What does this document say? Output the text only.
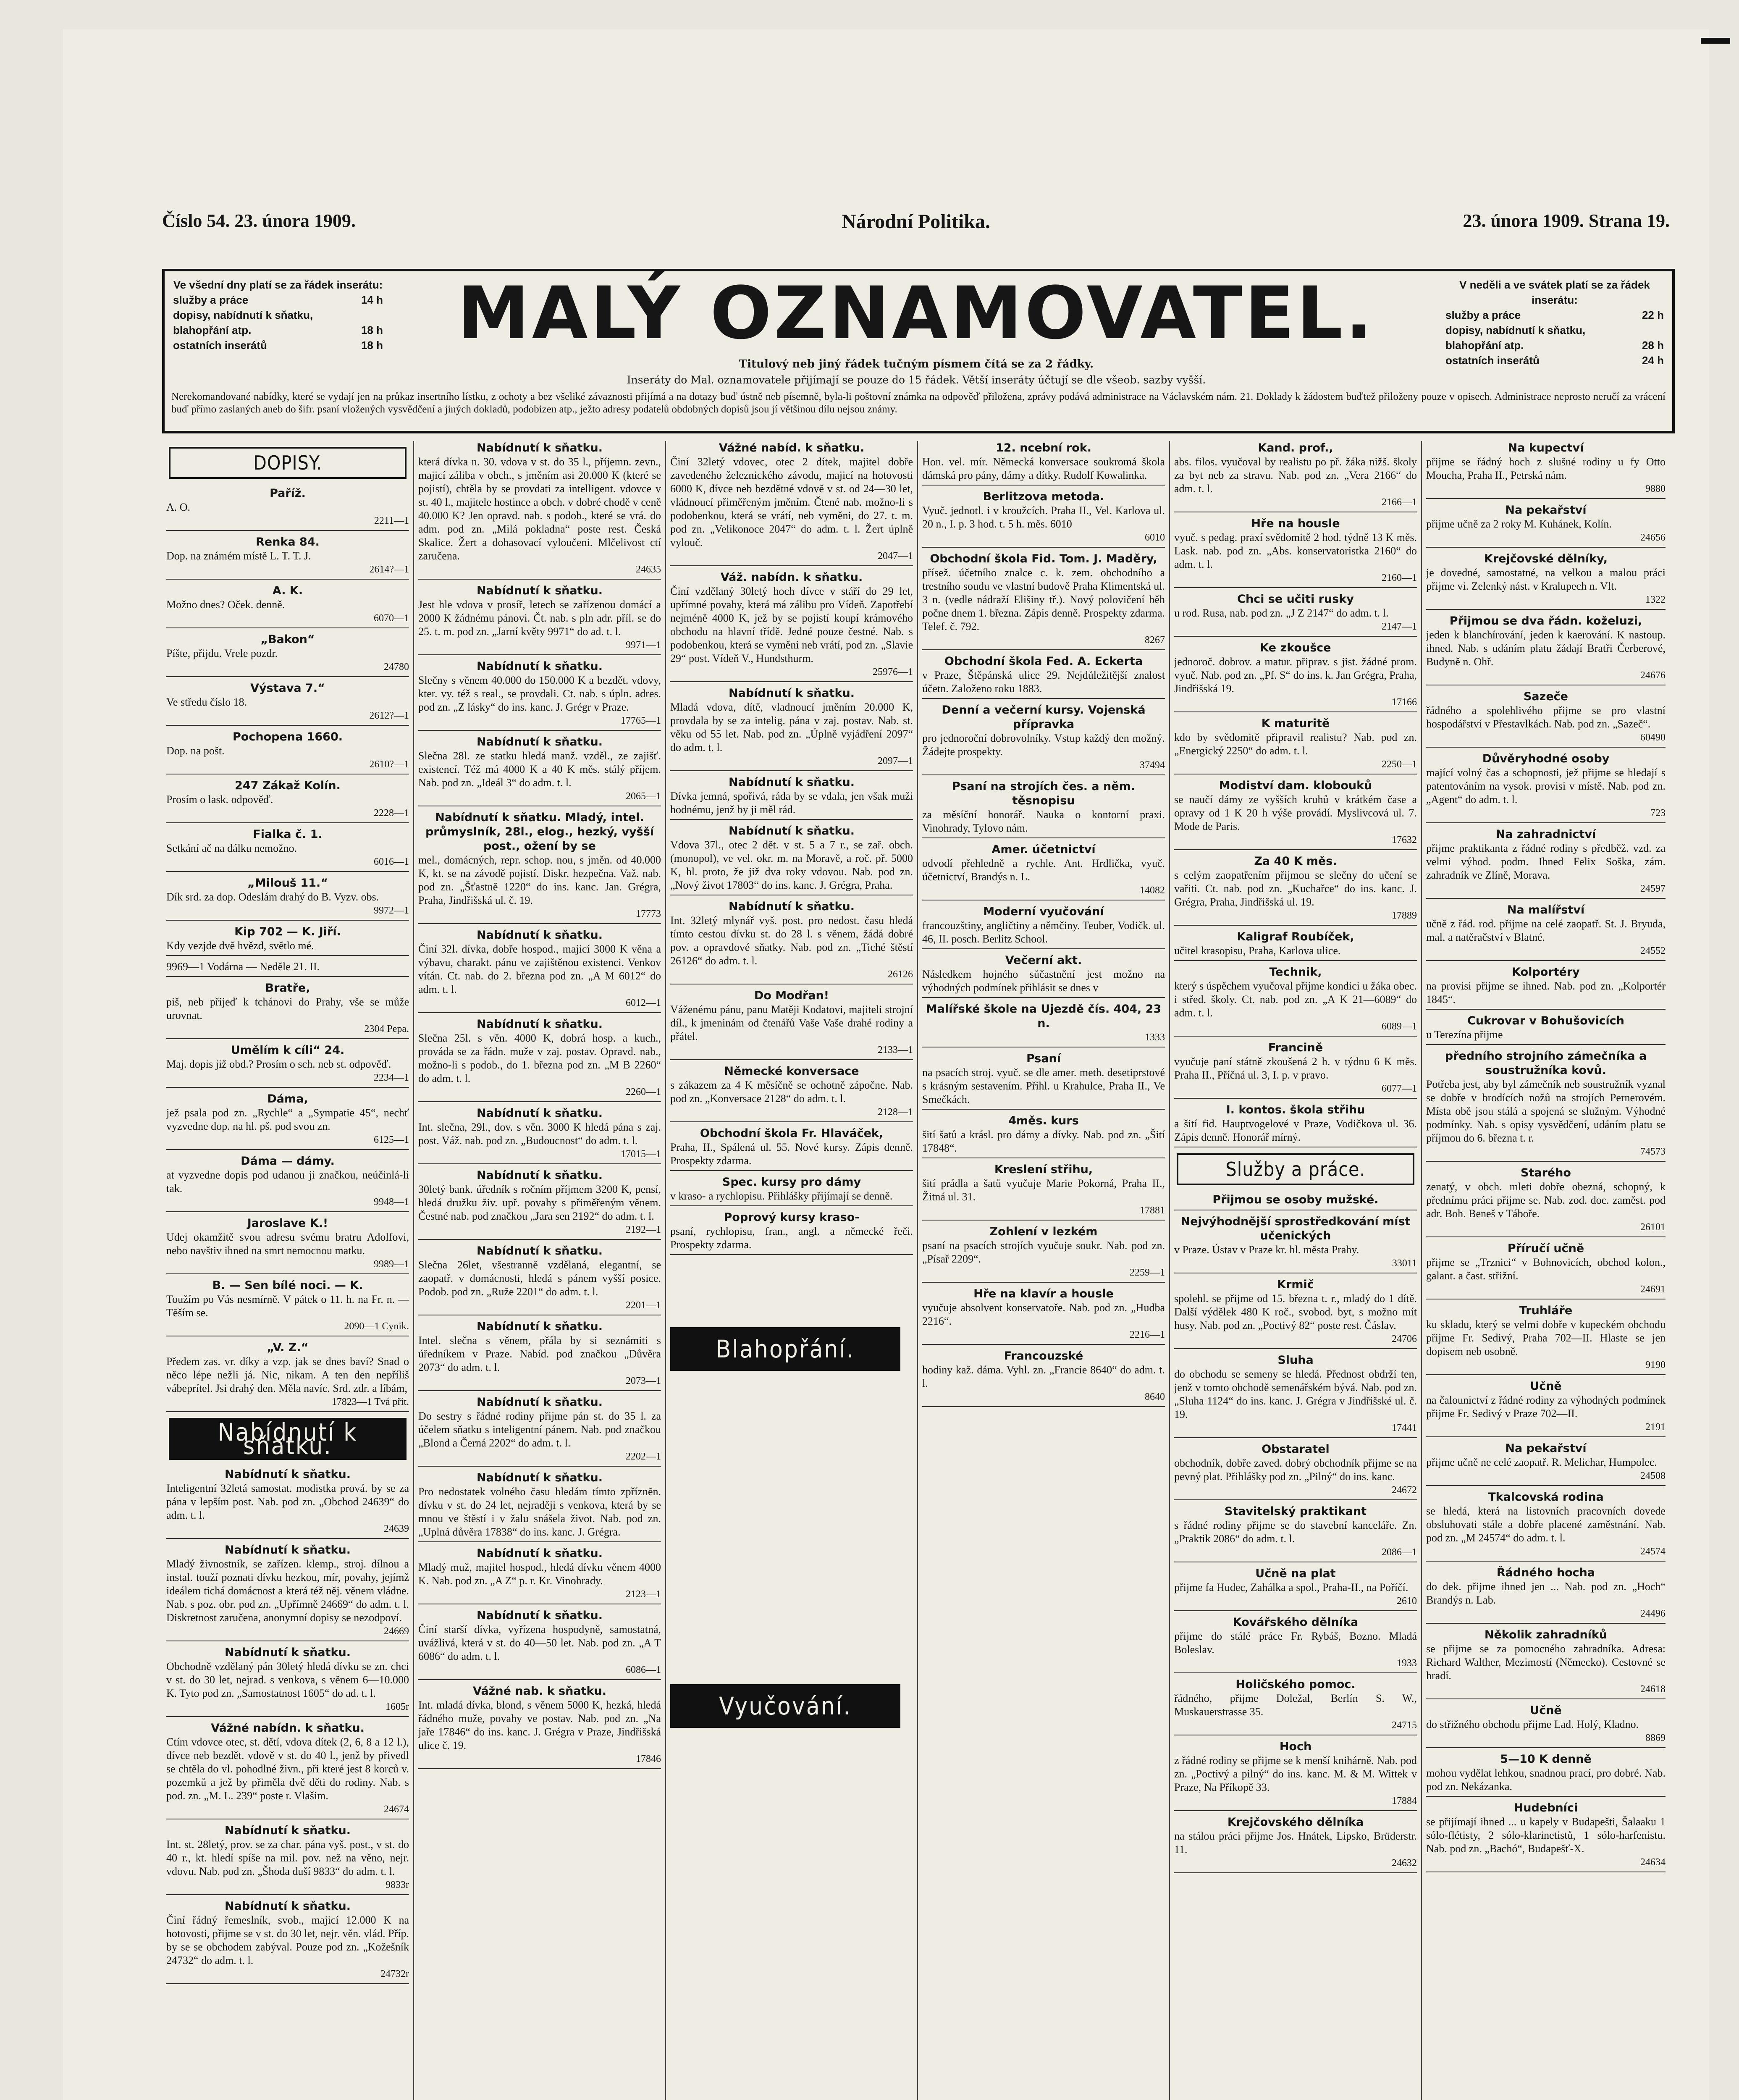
Číslo 54. 23. února 1909.	Národní Politika.	23. února 1909. Strana 19.
Ve všední dny platí se za řádek inserátu:
služby a práce	14 h
dopisy, nabídnutí k sňatku,
blahopřání atp.	18 h
ostatních inserátů	18 h	MALÝ OZNAMOVATEL.
Titulový neb jiný řádek tučným písmem čítá se za 2 řádky.
Inseráty do Mal. oznamovatele přijímají se pouze do 15 řádek. Větší inseráty účtují se dle všeob. sazby vyšší.
V neděli a ve svátek platí se za řádek inserátu:
služby a práce	22 h
dopisy, nabídnutí k sňatku,
blahopřání atp.	28 h
ostatních inserátů	24 h
Nerekomandované nabídky, které se vydají jen na průkaz insertního lístku, z ochoty a bez všeliké závaznosti přijímá a na dotazy buď ústně neb písemně, byla-li poštovní známka na odpověď přiložena, zprávy podává administrace na Václavském nám. 21. Doklady k žádostem buďtež přiloženy pouze v opisech. Administrace neprosto neručí za vrácení buď přímo zaslaných aneb do šifr. psaní vložených vysvědčení a jiných dokladů, podobizen atp., ježto adresy podatelů obdobných dopisů jsou jí většinou dílu nejsou známy.
DOPISY.
Paříž.
A. O.
2211—1
Renka 84.
Dop. na známém místě L. T. T. J.
2614?—1
A. K.
Možno dnes? Oček. denně.
6070—1
„Bakon“
Píšte, přijdu. Vrele pozdr.
24780
Výstava 7.“
Ve středu číslo 18.
2612?—1
Pochopena 1660.
Dop. na pošt.
2610?—1
247 Zákaž Kolín.
Prosím o lask. odpověď.
2228—1
Fialka č. 1.
Setkání ač na dálku nemožno.
6016—1
„Milouš 11.“
Dík srd. za dop. Odeslám drahý do B. Vyzv. obs.
9972—1
Kip 702 — K. Jiří.
Kdy vezjde dvě hvězd, světlo mé.
9969—1 Vodárna — Neděle 21. II.
Bratře,
piš, neb přijeď k tchánovi do Prahy, vše se může urovnat.
2304 Pepa.
Umělím k cíli“ 24.
Maj. dopis již obd.? Prosím o sch. neb st. odpověď.
2234—1
Dáma,
jež psala pod zn. „Rychle“ a „Sympatie 45“, nechť vyzvedne dop. na hl. pš. pod svou zn.
6125—1
Dáma — dámy.
at vyzvedne dopis pod udanou ji značkou, neúčinlá-li tak.
9948—1
Jaroslave K.!
Udej okamžitě svou adresu svému bratru Adolfovi, nebo navštiv ihned na smrt nemocnou matku.
9989—1
B. — Sen bílé noci. — K.
Toužím po Vás nesmírně. V pátek o 11. h. na Fr. n. — Těším se.
2090—1 Cynik.
„V. Z.“
Předem zas. vr. díky a vzp. jak se dnes baví? Snad o něco lépe nežli já. Nic, nikam. A ten den nepříliš vábeprítel. Jsi drahý den. Měla navíc. Srd. zdr. a líbám,
17823—1 Tvá přít.
Nabídnutí k sňatku.
Nabídnutí k sňatku.
Inteligentní 32letá samostat. modistka prová. by se za pána v lepším post. Nab. pod zn. „Obchod 24639“ do adm. t. l.
24639
Nabídnutí k sňatku.
Mladý živnostník, se zařízen. klemp., stroj. dílnou a instal. touží poznati dívku hezkou, mír, povahy, jejímž ideálem tichá domácnost a která též něj. věnem vládne. Nab. s poz. obr. pod zn. „Upřímně 24669“ do adm. t. l. Diskretnost zaručena, anonymní dopisy se nezodpoví.
24669
Nabídnutí k sňatku.
Obchodně vzdělaný pán 30letý hledá dívku se zn. chci v st. do 30 let, nejrad. s venkova, s věnem 6—10.000 K. Tyto pod zn. „Samostatnost 1605“ do ad. t. l.
1605r
Vážné nabídn. k sňatku.
Ctím vdovce otec, st. dětí, vdova dítek (2, 6, 8 a 12 l.), dívce neb bezdět. vdově v st. do 40 l., jenž by přivedl se chtěla do vl. pohodlné živn., při které jest 8 korců v. pozemků a jež by přiměla dvě děti do rodiny. Nab. s pod. zn. „M. L. 239“ poste r. Vlašim.
24674
Nabídnutí k sňatku.
Int. st. 28letý, prov. se za char. pána vyš. post., v st. do 40 r., kt. hledí spíše na mil. pov. než na věno, nejr. vdovu. Nab. pod zn. „Šhoda duší 9833“ do adm. t. l.
9833r
Nabídnutí k sňatku.
Činí řádný řemeslník, svob., majicí 12.000 K na hotovosti, přijme se v st. do 30 let, nejr. věn. vlád. Příp. by se se obchodem zabýval. Pouze pod zn. „Kožešník 24732“ do adm. t. l.
24732r
Nabídnutí k sňatku.
která dívka n. 30. vdova v st. do 35 l., příjemn. zevn., majicí záliba v obch., s jměním asi 20.000 K (které se pojistí), chtěla by se provdati za intelligent. vdovce v st. 40 l., majitele hostince a obch. v dobré chodě v ceně 40.000 K? Jen opravd. nab. s podob., které se vrá. do adm. pod zn. „Milá pokladna“ poste rest. Česká Skalice. Žert a dohasovací vyloučeni. Mlčelivost ctí zaručena.
24635
Nabídnutí k sňatku.
Jest hle vdova v prosíř, letech se zařízenou domácí a 2000 K žádnému pánovi. Čt. nab. s pln adr. příl. se do 25. t. m. pod zn. „Jarní květy 9971“ do ad. t. l.
9971—1
Nabídnutí k sňatku.
Slečny s věnem 40.000 do 150.000 K a bezdět. vdovy, kter. vy. též s real., se provdali. Ct. nab. s úpln. adres. pod zn. „Z lásky“ do ins. kanc. J. Grégr v Praze.
17765—1
Nabídnutí k sňatku.
Slečna 28l. ze statku hledá manž. vzděl., ze zajišť. existencí. Též má 4000 K a 40 K měs. stálý příjem. Nab. pod zn. „Ideál 3“ do adm. t. l.
2065—1
Nabídnutí k sňatku. Mladý, intel. průmyslník, 28l., elog., hezký, vyšší post., ožení by se
mel., domácných, repr. schop. nou, s jměn. od 40.000 K, kt. se na závodě pojistí. Diskr. hezpečna. Važ. nab. pod zn. „Šťastně 1220“ do ins. kanc. Jan. Grégra, Praha, Jindřišská ul. č. 19.
17773
Nabídnutí k sňatku.
Činí 32l. dívka, dobře hospod., majicí 3000 K věna a výbavu, charakt. pánu ve zajištěnou existenci. Venkov vítán. Ct. nab. do 2. března pod zn. „A M 6012“ do adm. t. l.
6012—1
Nabídnutí k sňatku.
Slečna 25l. s věn. 4000 K, dobrá hosp. a kuch., prováda se za řádn. muže v zaj. postav. Opravd. nab., možno-li s podob., do 1. března pod zn. „M B 2260“ do adm. t. l.
2260—1
Nabídnutí k sňatku.
Int. slečna, 29l., dov. s věn. 3000 K hledá pána s zaj. post. Váž. nab. pod zn. „Budoucnost“ do adm. t. l.
17015—1
Nabídnutí k sňatku.
30letý bank. úředník s ročním příjmem 3200 K, pensí, hledá družku živ. upř. povahy s přiměřeným věnem. Čestné nab. pod značkou „Jara sen 2192“ do adm. t. l.
2192—1
Nabídnutí k sňatku.
Slečna 26let, všestranně vzdělaná, elegantní, se zaopatř. v domácnosti, hledá s pánem vyšší posice. Podob. pod zn. „Ruže 2201“ do adm. t. l.
2201—1
Nabídnutí k sňatku.
Intel. slečna s věnem, přála by si seznámiti s úředníkem v Praze. Nabíd. pod značkou „Důvěra 2073“ do adm. t. l.
2073—1
Nabídnutí k sňatku.
Do sestry s řádné rodiny přijme pán st. do 35 l. za účelem sňatku s inteligentní pánem. Nab. pod značkou „Blond a Černá 2202“ do adm. t. l.
2202—1
Nabídnutí k sňatku.
Pro nedostatek volného času hledám tímto zpřízněn. dívku v st. do 24 let, nejraději s venkova, která by se mnou ve štěstí i v žalu snášela život. Nab. pod zn. „Uplná důvěra 17838“ do ins. kanc. J. Grégra.
Nabídnutí k sňatku.
Mladý muž, majitel hospod., hledá dívku věnem 4000 K. Nab. pod zn. „A Z“ p. r. Kr. Vinohrady.
2123—1
Nabídnutí k sňatku.
Činí starší dívka, vyřízena hospodyně, samostatná, uvážlivá, která v st. do 40—50 let. Nab. pod zn. „A T 6086“ do adm. t. l.
6086—1
Vážné nab. k sňatku.
Int. mladá dívka, blond, s věnem 5000 K, hezká, hledá řádného muže, povahy ve postav. Nab. pod zn. „Na jaře 17846“ do ins. kanc. J. Grégra v Praze, Jindřišská ulice č. 19.
17846
Vážné nabíd. k sňatku.
Činí 32letý vdovec, otec 2 dítek, majitel dobře zavedeného železnického závodu, majicí na hotovosti 6000 K, dívce neb bezdětné vdově v st. od 24—30 let, vládnoucí přiměřeným jměním. Čtené nab. možno-li s podobenkou, která se vrátí, neb vyměni, do 27. t. m. pod zn. „Velikonoce 2047“ do adm. t. l. Žert úplně vylouč.
2047—1
Váž. nabídn. k sňatku.
Činí vzdělaný 30letý hoch dívce v stáří do 29 let, upřímné povahy, která má zálibu pro Vídeň. Zapotřebí nejméně 4000 K, jež by se pojistí koupí krámového obchodu na hlavní třídě. Jedné pouze čestné. Nab. s podobenkou, která se vyměni neb vrátí, pod zn. „Slavie 29“ post. Vídeň V., Hundsthurm.
25976—1
Nabídnutí k sňatku.
Mladá vdova, dítě, vladnoucí jměním 20.000 K, provdala by se za intelig. pána v zaj. postav. Nab. st. věku od 55 let. Nab. pod zn. „Úplně vyjádření 2097“ do adm. t. l.
2097—1
Nabídnutí k sňatku.
Dívka jemná, spořivá, ráda by se vdala, jen však muži hodnému, jenž by ji měl rád.
Nabídnutí k sňatku.
Vdova 37l., otec 2 dět. v st. 5 a 7 r., se zař. obch. (monopol), ve vel. okr. m. na Moravě, a roč. př. 5000 K, hl. proto, že již dva roky vdovou. Nab. pod zn. „Nový život 17803“ do ins. kanc. J. Grégra, Praha.
Nabídnutí k sňatku.
Int. 32letý mlynář vyš. post. pro nedost. času hledá tímto cestou dívku st. do 28 l. s věnem, žádá dobré pov. a opravdové sňatky. Nab. pod zn. „Tiché štěstí 26126“ do adm. t. l.
26126
Do Modřan!
Váženému pánu, panu Matěji Kodatovi, majiteli strojní díl., k jmeninám od čtenářů Vaše Vaše drahé rodiny a přátel.
2133—1
Německé konversace
s zákazem za 4 K měsíčně se ochotně zápočne. Nab. pod zn. „Konversace 2128“ do adm. t. l.
2128—1
Obchodní škola Fr. Hlaváček,
Praha, II., Spálená ul. 55. Nové kursy. Zápis denně. Prospekty zdarma.
Spec. kursy pro dámy
v kraso- a rychlopisu. Přihlášky přijímají se denně.
Poprový kursy kraso-
psaní, rychlopisu, fran., angl. a německé řeči. Prospekty zdarma.
12. ncební rok.
Hon. vel. mír. Německá konversace soukromá škola dámská pro pány, dámy a dítky. Rudolf Kowalinka.
Berlitzova metoda.
Vyuč. jednotl. i v kroužcích. Praha II., Vel. Karlova ul. 20 n., I. p. 3 hod. t. 5 h. měs. 6010
6010
Obchodní škola Fid. Tom. J. Maděry,
přísež. účetního znalce c. k. zem. obchodního a trestního soudu ve vlastní budově Praha Klimentská ul. 3 n. (vedle nádraží Elišiny tř.). Nový polovičení běh počne dnem 1. března. Zápis denně. Prospekty zdarma. Telef. č. 792.
8267
Obchodní škola Fed. A. Eckerta
v Praze, Štěpánská ulice 29. Nejdůležitější znalost účetn. Založeno roku 1883.
Denní a večerní kursy. Vojenská přípravka
pro jednoroční dobrovolníky. Vstup každý den možný. Žádejte prospekty.
37494
Psaní na strojích čes. a něm. těsnopisu
za měsíční honorář. Nauka o kontorní praxi. Vinohrady, Tylovo nám.
Amer. účetnictví
odvodí přehledně a rychle. Ant. Hrdlička, vyuč. účetnictví, Brandýs n. L.
14082
Moderní vyučování
francouzštiny, angličtiny a němčiny. Teuber, Vodičk. ul. 46, II. posch. Berlitz School.
Večerní akt.
Následkem hojného sůčastnění jest možno na výhodných podmínek přihlásit se dnes v
Malířské škole na Ujezdě čís. 404, 23 n.
1333
Psaní
na psacích stroj. vyuč. se dle amer. meth. desetiprstové s krásným sestavením. Přihl. u Krahulce, Praha II., Ve Smečkách.
4měs. kurs
šití šatů a krásl. pro dámy a dívky. Nab. pod zn. „Šití 17848“.
Kreslení střihu,
šití prádla a šatů vyučuje Marie Pokorná, Praha II., Žitná ul. 31.
17881
Zohlení v lezkém
psaní na psacích strojích vyučuje soukr. Nab. pod zn. „Písař 2209“.
2259—1
Hře na klavír a housle
vyučuje absolvent konservatoře. Nab. pod zn. „Hudba 2216“.
2216—1
Francouzské
hodiny kaž. dáma. Vyhl. zn. „Francie 8640“ do adm. t. l.
8640
Kand. prof.,
abs. filos. vyučoval by realistu po př. žáka nižš. školy za byt neb za stravu. Nab. pod zn. „Vera 2166“ do adm. t. l.
2166—1
Hře na housle
vyuč. s pedag. praxí svědomitě 2 hod. týdně 13 K měs. Lask. nab. pod zn. „Abs. konservatoristka 2160“ do adm. t. l.
2160—1
Chci se učiti rusky
u rod. Rusa, nab. pod zn. „J Z 2147“ do adm. t. l.
2147—1
Ke zkoušce
jednoroč. dobrov. a matur. připrav. s jist. žádné prom. vyuč. Nab. pod zn. „Pf. S“ do ins. k. Jan Grégra, Praha, Jindřišská 19.
17166
K maturitě
kdo by svědomitě připravil realistu? Nab. pod zn. „Energický 2250“ do adm. t. l.
2250—1
Modiství dam. klobouků
se naučí dámy ze vyšších kruhů v krátkém čase a opravy od 1 K 20 h výše provádí. Myslivcová ul. 7. Mode de Paris.
17632
Za 40 K měs.
s celým zaopatřením přijmou se slečny do učení se vařiti. Ct. nab. pod zn. „Kuchařce“ do ins. kanc. J. Grégra, Praha, Jindřišská ul. 19.
17889
Kaligraf Roubíček,
učitel krasopisu, Praha, Karlova ulice.
Technik,
který s úspěchem vyučoval přijme kondici u žáka obec. i střed. školy. Ct. nab. pod zn. „A K 21—6089“ do adm. t. l.
6089—1
Francině
vyučuje paní státně zkoušená 2 h. v týdnu 6 K měs. Praha II., Příčná ul. 3, I. p. v pravo.
6077—1
I. kontos. škola střihu
a šití fid. Hauptvogelové v Praze, Vodičkova ul. 36. Zápis denně. Honorář mírný.
Služby a práce.
Přijmou se osoby mužské.
Nejvýhodnější sprostředkování míst učenických
v Praze. Ústav v Praze kr. hl. města Prahy.
33011
Krmič
spolehl. se přijme od 15. března t. r., mladý do 1 dítě. Další výdělek 480 K roč., svobod. byt, s možno mít husy. Nab. pod zn. „Poctivý 82“ poste rest. Čáslav.
24706
Sluha
do obchodu se semeny se hledá. Přednost obdrží ten, jenž v tomto obchodě semenářském bývá. Nab. pod zn. „Sluha 1124“ do ins. kanc. J. Grégra v Jindřišské ul. č. 19.
17441
Obstaratel
obchodník, dobře zaved. dobrý obchodník přijme se na pevný plat. Přihlášky pod zn. „Pilný“ do ins. kanc.
24672
Stavitelský praktikant
s řádné rodiny přijme se do stavební kanceláře. Zn. „Praktik 2086“ do adm. t. l.
2086—1
Učně na plat
přijme fa Hudec, Zahálka a spol., Praha-II., na Poříčí.
2610
Kovářského dělníka
přijme do stálé práce Fr. Rybáš, Bozno. Mladá Boleslav.
1933
Holičského pomoc.
řádného, přijme Doležal, Berlín S. W., Muskauerstrasse 35.
24715
Hoch
z řádné rodiny se přijme se k menší knihárně. Nab. pod zn. „Poctivý a pilný“ do ins. kanc. M. & M. Wittek v Praze, Na Příkopě 33.
17884
Krejčovského dělníka
na stálou práci přijme Jos. Hnátek, Lipsko, Brüderstr. 11.
24632
Na kupectví
přijme se řádný hoch z slušné rodiny u fy Otto Moucha, Praha II., Petrská nám.
9880
Na pekařství
přijme učně za 2 roky M. Kuhánek, Kolín.
24656
Krejčovské dělníky,
je dovedné, samostatné, na velkou a malou práci přijme vi. Zelenký nást. v Kralupech n. Vlt.
1322
Přijmou se dva řádn. koželuzi,
jeden k blanchírování, jeden k kaerování. K nastoup. ihned. Nab. s udáním platu žádají Bratři Čerberové, Budyně n. Ohř.
24676
Sazeče
řádného a spolehlivého přijme se pro vlastní hospodářství v Přestavlkách. Nab. pod zn. „Sazeč“.
60490
Důvěryhodné osoby
mající volný čas a schopnosti, jež přijme se hledají s patentováním na vysok. provisi v místě. Nab. pod zn. „Agent“ do adm. t. l.
723
Na zahradnictví
přijme praktikanta z řádné rodiny s předběž. vzd. za velmi výhod. podm. Ihned Felix Soška, zám. zahradník ve Zlíně, Morava.
24597
Na malířství
učně z řád. rod. přijme na celé zaopatř. St. J. Bryuda, mal. a natěračství v Blatné.
24552
Kolportéry
na provisi přijme se ihned. Nab. pod zn. „Kolportér 1845“.
Cukrovar v Bohušovicích
u Terezína přijme
předního strojního zámečníka a soustružníka kovů.
Potřeba jest, aby byl zámečník neb soustružník vyznal se dobře v brodících nožů na strojích Pernerovém. Místa obě jsou stálá a spojená se služným. Výhodné podmínky. Nab. s opisy vysvědčení, udáním platu se příjmou do 6. března t. r.
74573
Starého
zenatý, v obch. mleti dobře obezná, schopný, k přednímu práci přijme se. Nab. zod. doc. zaměst. pod adr. Boh. Beneš v Táboře.
26101
Příručí učně
přijme se „Trznici“ v Bohnovicích, obchod kolon., galant. a čast. střižní.
24691
Truhláře
ku skladu, který se velmi dobře v kupeckém obchodu přijme Fr. Sedivý, Praha 702—II. Hlaste se jen dopisem neb osobně.
9190
Učně
na čalounictví z řádné rodiny za výhodných podmínek přijme Fr. Sedivý v Praze 702—II.
2191
Na pekařství
přijme učně ne celé zaopatř. R. Melichar, Humpolec.
24508
Tkalcovská rodina
se hledá, která na listovních pracovních dovede obsluhovati stále a dobře placené zaměstnání. Nab. pod zn. „M 24574“ do adm. t. l.
24574
Řádného hocha
do dek. přijme ihned jen ... Nab. pod zn. „Hoch“ Brandýs n. Lab.
24496
Několik zahradníků
se přijme se za pomocného zahradníka. Adresa: Richard Walther, Mezimostí (Německo). Cestovné se hradí.
24618
Učně
do střižného obchodu přijme Lad. Holý, Kladno.
8869
5—10 K denně
mohou vydělat lehkou, snadnou prací, pro dobré. Nab. pod zn. Nekázanka.
Hudebníci
se přijímají ihned ... u kapely v Budapešti, Šalaaku 1 sólo-flétisty, 2 sólo-klarinetistů, 1 sólo-harfenistu. Nab. pod zn. „Bachó“, Budapešť-X.
24634
Blahopřání.
Vyučování.
